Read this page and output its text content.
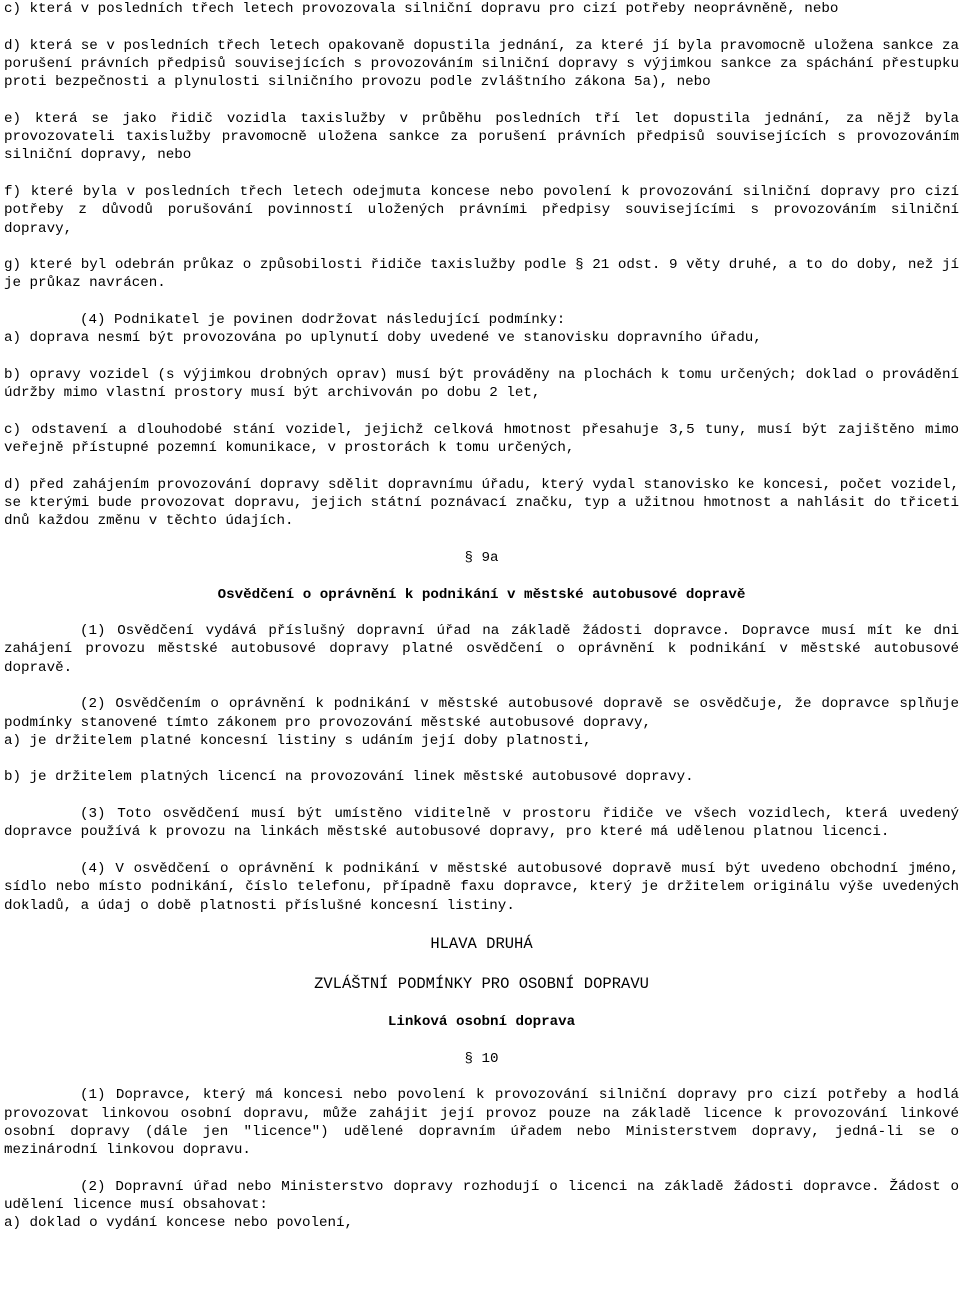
c) která v posledních třech letech provozovala silniční dopravu pro cizí potřeby neoprávněně, nebo

d) která se v posledních třech letech opakovaně dopustila jednání, za které jí byla pravomocně uložena sankce za porušení právních předpisů souvisejících s provozováním silniční dopravy s výjimkou sankce za spáchání přestupku proti bezpečnosti a plynulosti silničního provozu podle zvláštního zákona 5a), nebo

e) která se jako řidič vozidla taxislužby v průběhu posledních tří let dopustila jednání, za nějž byla provozovateli taxislužby pravomocně uložena sankce za porušení právních předpisů souvisejících s provozováním silniční dopravy, nebo

f) které byla v posledních třech letech odejmuta koncese nebo povolení k provozování silniční dopravy pro cizí potřeby z důvodů porušování povinností uložených právními předpisy souvisejícími s provozováním silniční dopravy,

g) které byl odebrán průkaz o způsobilosti řidiče taxislužby podle § 21 odst. 9 věty druhé, a to do doby, než jí je průkaz navrácen.

(4) Podnikatel je povinen dodržovat následující podmínky:

a) doprava nesmí být provozována po uplynutí doby uvedené ve stanovisku dopravního úřadu,

b) opravy vozidel (s výjimkou drobných oprav) musí být prováděny na plochách k tomu určených; doklad o provádění údržby mimo vlastní prostory musí být archivován po dobu 2 let,

c) odstavení a dlouhodobé stání vozidel, jejichž celková hmotnost přesahuje 3,5 tuny, musí být zajištěno mimo veřejně přístupné pozemní komunikace, v prostorách k tomu určených,

d) před zahájením provozování dopravy sdělit dopravnímu úřadu, který vydal stanovisko ke koncesi, počet vozidel, se kterými bude provozovat dopravu, jejich státní poznávací značku, typ a užitnou hmotnost a nahlásit do třiceti dnů každou změnu v těchto údajích.

§ 9a

Osvědčení o oprávnění k podnikání v městské autobusové dopravě

(1) Osvědčení vydává příslušný dopravní úřad na základě žádosti dopravce. Dopravce musí mít ke dni zahájení provozu městské autobusové dopravy platné osvědčení o oprávnění k podnikání v městské autobusové dopravě.

(2) Osvědčením o oprávnění k podnikání v městské autobusové dopravě se osvědčuje, že dopravce splňuje podmínky stanovené tímto zákonem pro provozování městské autobusové dopravy,

a) je držitelem platné koncesní listiny s udáním její doby platnosti,

b) je držitelem platných licencí na provozování linek městské autobusové dopravy.

(3) Toto osvědčení musí být umístěno viditelně v prostoru řidiče ve všech vozidlech, která uvedený dopravce používá k provozu na linkách městské autobusové dopravy, pro které má udělenou platnou licenci.

(4) V osvědčení o oprávnění k podnikání v městské autobusové dopravě musí být uvedeno obchodní jméno, sídlo nebo místo podnikání, číslo telefonu, případně faxu dopravce, který je držitelem originálu výše uvedených dokladů, a údaj o době platnosti příslušné koncesní listiny.

HLAVA DRUHÁ

ZVLÁŠTNÍ PODMÍNKY PRO OSOBNÍ DOPRAVU

Linková osobní doprava

§ 10

(1) Dopravce, který má koncesi nebo povolení k provozování silniční dopravy pro cizí potřeby a hodlá provozovat linkovou osobní dopravu, může zahájit její provoz pouze na základě licence k provozování linkové osobní dopravy (dále jen "licence") udělené dopravním úřadem nebo Ministerstvem dopravy, jedná-li se o mezinárodní linkovou dopravu.

(2) Dopravní úřad nebo Ministerstvo dopravy rozhodují o licenci na základě žádosti dopravce. Žádost o udělení licence musí obsahovat:

a) doklad o vydání koncese nebo povolení,
